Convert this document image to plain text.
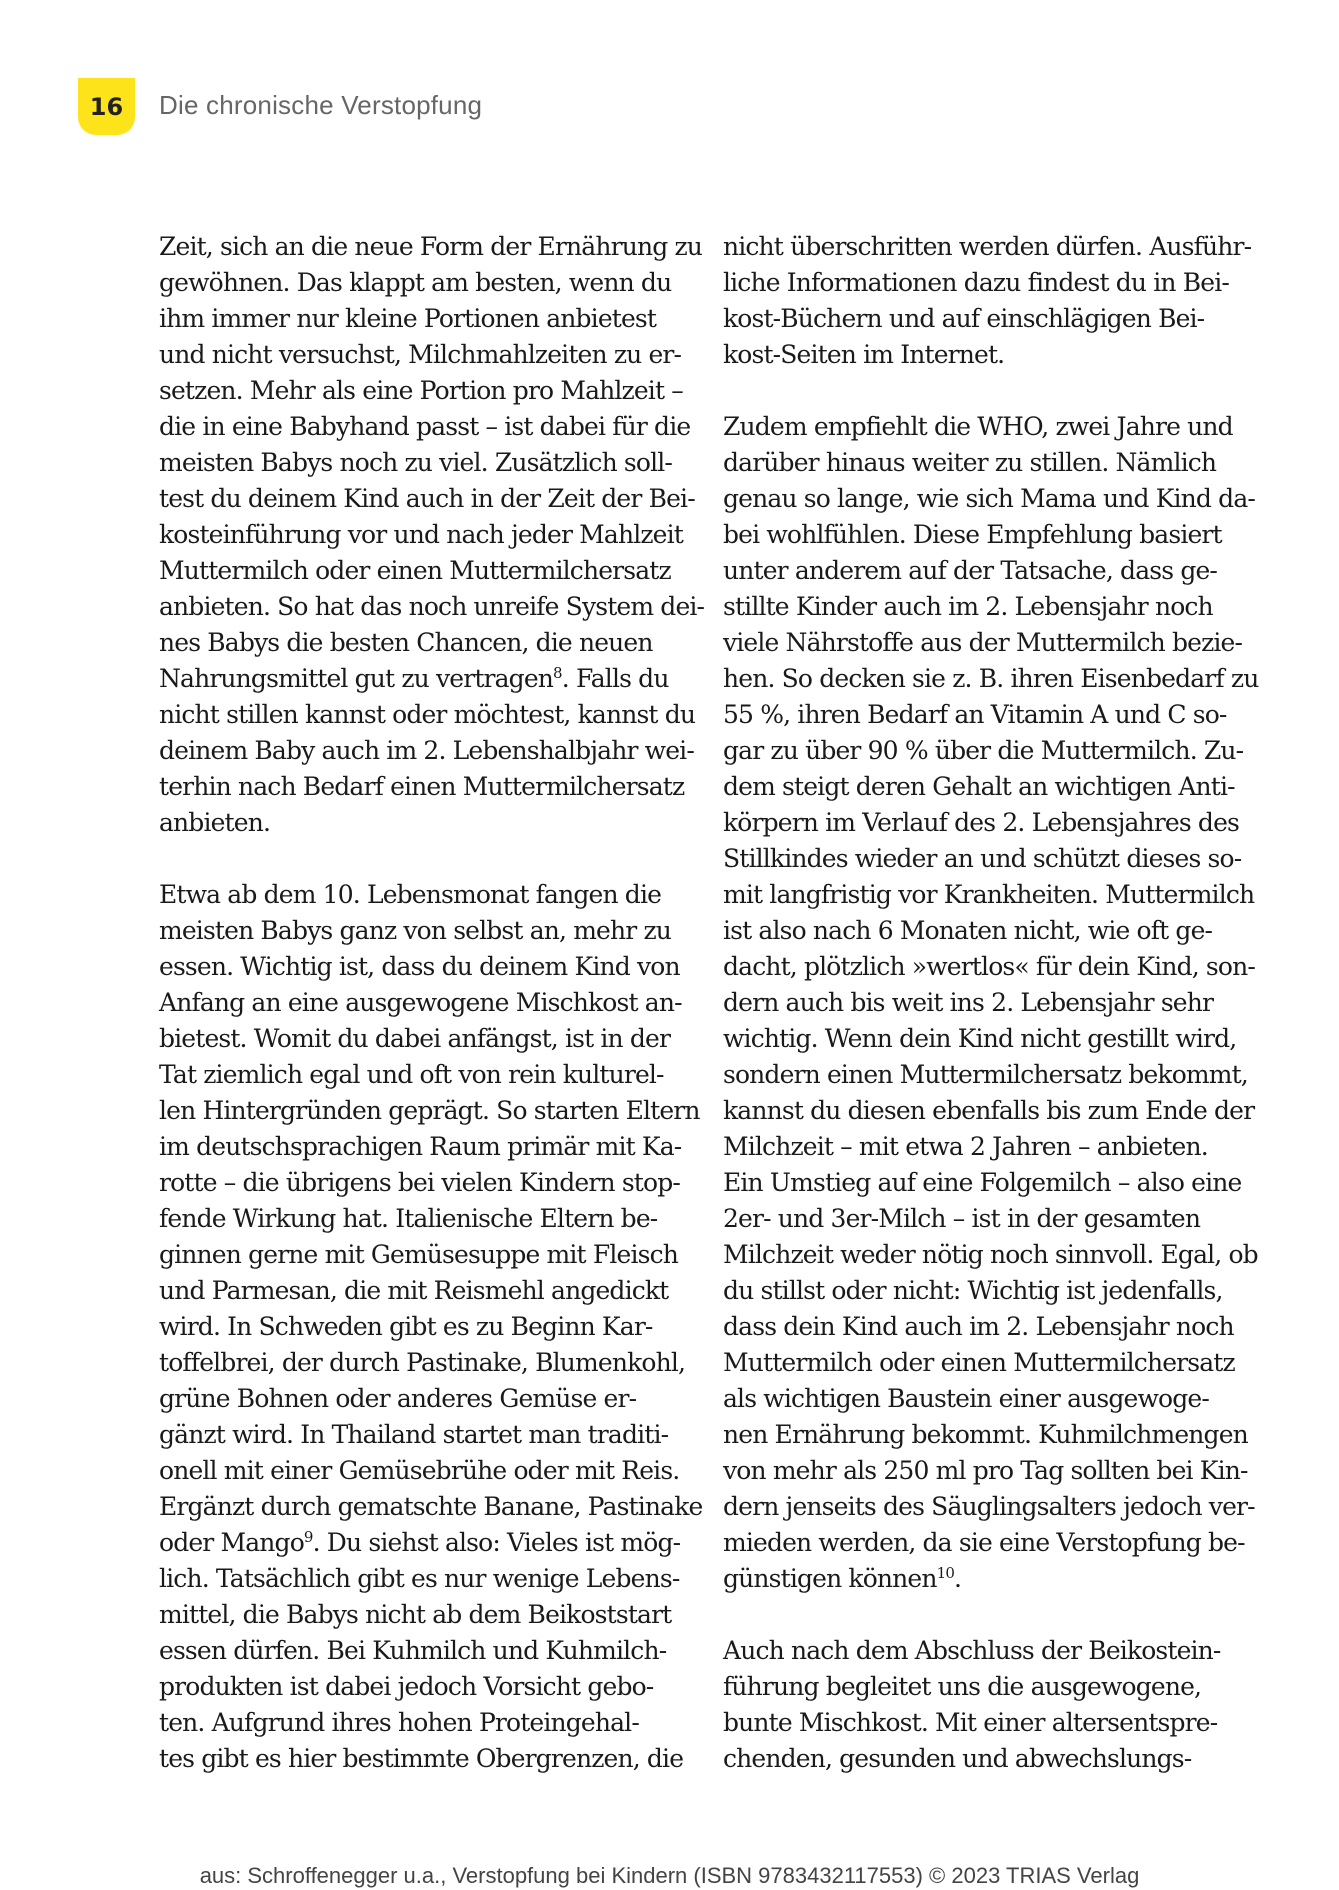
16 Die chronische Verstopfung
Zeit, sich an die neue Form der Ernährung zu
gewöhnen. Das klappt am besten, wenn du
ihm immer nur kleine Portionen anbietest
und nicht versuchst, Milchmahlzeiten zu er-
setzen. Mehr als eine Portion pro Mahlzeit –
die in eine Babyhand passt – ist dabei für die
meisten Babys noch zu viel. Zusätzlich soll-
test du deinem Kind auch in der Zeit der Bei-
kosteinführung vor und nach jeder Mahlzeit
Muttermilch oder einen Muttermilchersatz
anbieten. So hat das noch unreife System dei-
nes Babys die besten Chancen, die neuen
Nahrungsmittel gut zu vertragen$^8$. Falls du
nicht stillen kannst oder möchtest, kannst du
deinem Baby auch im 2. Lebenshalbjahr wei-
terhin nach Bedarf einen Muttermilchersatz
anbieten.
Etwa ab dem 10. Lebensmonat fangen die
meisten Babys ganz von selbst an, mehr zu
essen. Wichtig ist, dass du deinem Kind von
Anfang an eine ausgewogene Mischkost an-
bietest. Womit du dabei anfängst, ist in der
Tat ziemlich egal und oft von rein kulturel-
len Hintergründen geprägt. So starten Eltern
im deutschsprachigen Raum primär mit Ka-
rotte – die übrigens bei vielen Kindern stop-
fende Wirkung hat. Italienische Eltern be-
ginnen gerne mit Gemüsesuppe mit Fleisch
und Parmesan, die mit Reismehl angedickt
wird. In Schweden gibt es zu Beginn Kar-
toffelbrei, der durch Pastinake, Blumenkohl,
grüne Bohnen oder anderes Gemüse er-
gänzt wird. In Thailand startet man traditi-
onell mit einer Gemüsebrühe oder mit Reis.
Ergänzt durch gematschte Banane, Pastinake
oder Mango$^9$. Du siehst also: Vieles ist mög-
lich. Tatsächlich gibt es nur wenige Lebens-
mittel, die Babys nicht ab dem Beikoststart
essen dürfen. Bei Kuhmilch und Kuhmilch-
produkten ist dabei jedoch Vorsicht gebo-
ten. Aufgrund ihres hohen Proteingehal-
tes gibt es hier bestimmte Obergrenzen, die
nicht überschritten werden dürfen. Ausführ-
liche Informationen dazu findest du in Bei-
kost-Büchern und auf einschlägigen Bei-
kost-Seiten im Internet.
Zudem empfiehlt die WHO, zwei Jahre und
darüber hinaus weiter zu stillen. Nämlich
genau so lange, wie sich Mama und Kind da-
bei wohlfühlen. Diese Empfehlung basiert
unter anderem auf der Tatsache, dass ge-
stillte Kinder auch im 2. Lebensjahr noch
viele Nährstoffe aus der Muttermilch bezie-
hen. So decken sie z. B. ihren Eisenbedarf zu
55 %, ihren Bedarf an Vitamin A und C so-
gar zu über 90 % über die Muttermilch. Zu-
dem steigt deren Gehalt an wichtigen Anti-
körpern im Verlauf des 2. Lebensjahres des
Stillkindes wieder an und schützt dieses so-
mit langfristig vor Krankheiten. Muttermilch
ist also nach 6 Monaten nicht, wie oft ge-
dacht, plötzlich »wertlos« für dein Kind, son-
dern auch bis weit ins 2. Lebensjahr sehr
wichtig. Wenn dein Kind nicht gestillt wird,
sondern einen Muttermilchersatz bekommt,
kannst du diesen ebenfalls bis zum Ende der
Milchzeit – mit etwa 2 Jahren – anbieten.
Ein Umstieg auf eine Folgemilch – also eine
2er- und 3er-Milch – ist in der gesamten
Milchzeit weder nötig noch sinnvoll. Egal, ob
du stillst oder nicht: Wichtig ist jedenfalls,
dass dein Kind auch im 2. Lebensjahr noch
Muttermilch oder einen Muttermilchersatz
als wichtigen Baustein einer ausgewoge-
nen Ernährung bekommt. Kuhmilchmengen
von mehr als 250 ml pro Tag sollten bei Kin-
dern jenseits des Säuglingsalters jedoch ver-
mieden werden, da sie eine Verstopfung be-
günstigen können$^{10}$.
Auch nach dem Abschluss der Beikostein-
führung begleitet uns die ausgewogene,
bunte Mischkost. Mit einer altersentspre-
chenden, gesunden und abwechslungs-
aus: Schroffenegger u.a., Verstopfung bei Kindern (ISBN 9783432117553) © 2023 TRIAS Verlag
